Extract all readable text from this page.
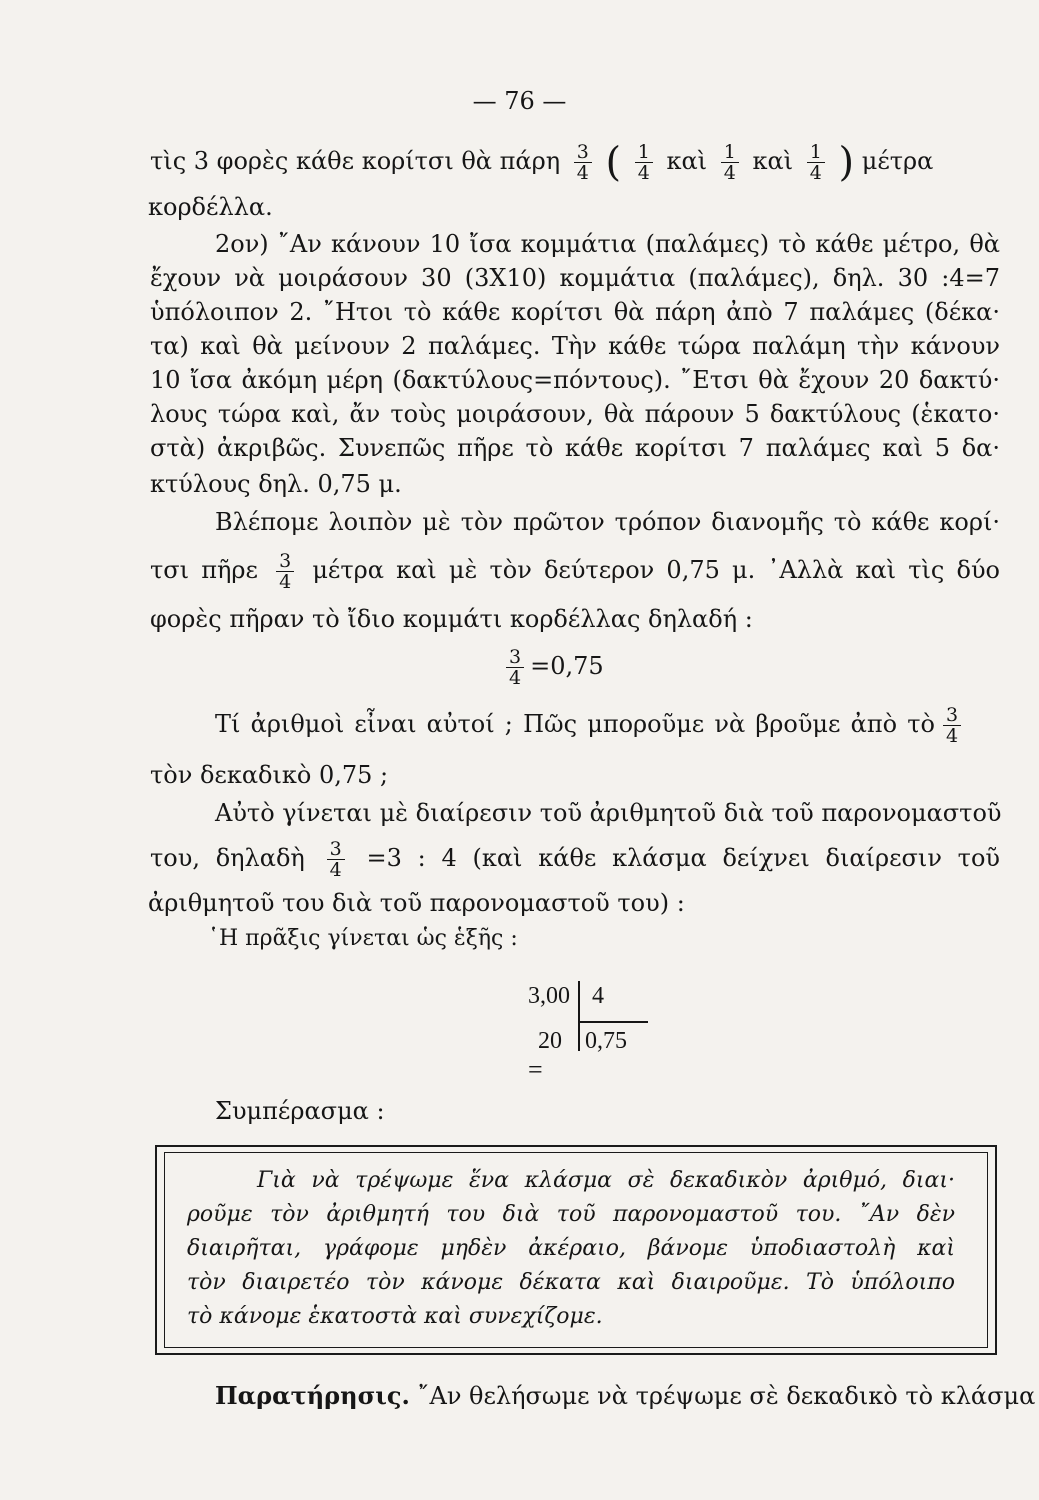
— 76 —
τὶς 3 φορὲς κάθε κορίτσι θὰ πάρη $\frac{3}{4}$ ( $\frac{1}{4}$ καὶ $\frac{1}{4}$ καὶ $\frac{1}{4}$ ) μέτρα
κορδέλλα.
2ον) ῎Αν κάνουν 10 ἴσα κομμάτια (παλάμες) τὸ κάθε μέτρο, θὰ
ἔχουν νὰ μοιράσουν 30 (3Χ10) κομμάτια (παλάμες), δηλ. 30 :4=7
ὑπόλοιπον 2. ῎Ητοι τὸ κάθε κορίτσι θὰ πάρη ἀπὸ 7 παλάμες (δέκα·
τα) καὶ θὰ μείνουν 2 παλάμες. Τὴν κάθε τώρα παλάμη τὴν κάνουν
10 ἴσα ἀκόμη μέρη (δακτύλους=πόντους). ῎Ετσι θὰ ἔχουν 20 δακτύ·
λους τώρα καὶ, ἄν τοὺς μοιράσουν, θὰ πάρουν 5 δακτύλους (ἑκατο·
στὰ) ἀκριβῶς. Συνεπῶς πῆρε τὸ κάθε κορίτσι 7 παλάμες καὶ 5 δα·
κτύλους δηλ. 0,75 μ.
Βλέπομε λοιπὸν μὲ τὸν πρῶτον τρόπον διανομῆς τὸ κάθε κορί·
τσι πῆρε $\frac{3}{4}$ μέτρα καὶ μὲ τὸν δεύτερον 0,75 μ. ᾿Αλλὰ καὶ τὶς δύο
φορὲς πῆραν τὸ ἴδιο κομμάτι κορδέλλας δηλαδή :
$\frac{3}{4} =0,75$
Τί ἀριθμοὶ εἶναι αὐτοί ; Πῶς μποροῦμε νὰ βροῦμε ἀπὸ τὸ $\frac{3}{4}$
τὸν δεκαδικὸ 0,75 ;
Αὐτὸ γίνεται μὲ διαίρεσιν τοῦ ἀριθμητοῦ διὰ τοῦ παρονομαστοῦ
του, δηλαδὴ $\frac{3}{4} =3$ : 4 (καὶ κάθε κλάσμα δείχνει διαίρεσιν τοῦ
ἀριθμητοῦ του διὰ τοῦ παρονομαστοῦ του) :
῾Η πρᾶξις γίνεται ὡς ἑξῆς :
3,00 4
20 0,75
=
Συμπέρασμα :
Γιὰ νὰ τρέψωμε ἕνα κλάσμα σὲ δεκαδικὸν ἀριθμό, διαι·
ροῦμε τὸν ἀριθμητή του διὰ τοῦ παρονομαστοῦ του. ῎Αν δὲν
διαιρῆται, γράφομε μηδὲν ἀκέραιο, βάνομε ὑποδιαστολὴ καὶ
τὸν διαιρετέο τὸν κάνομε δέκατα καὶ διαιροῦμε. Τὸ ὑπόλοιπο
τὸ κάνομε ἑκατοστὰ καὶ συνεχίζομε.
Παρατήρησις. ῎Αν θελήσωμε νὰ τρέψωμε σὲ δεκαδικὸ τὸ κλάσμα
